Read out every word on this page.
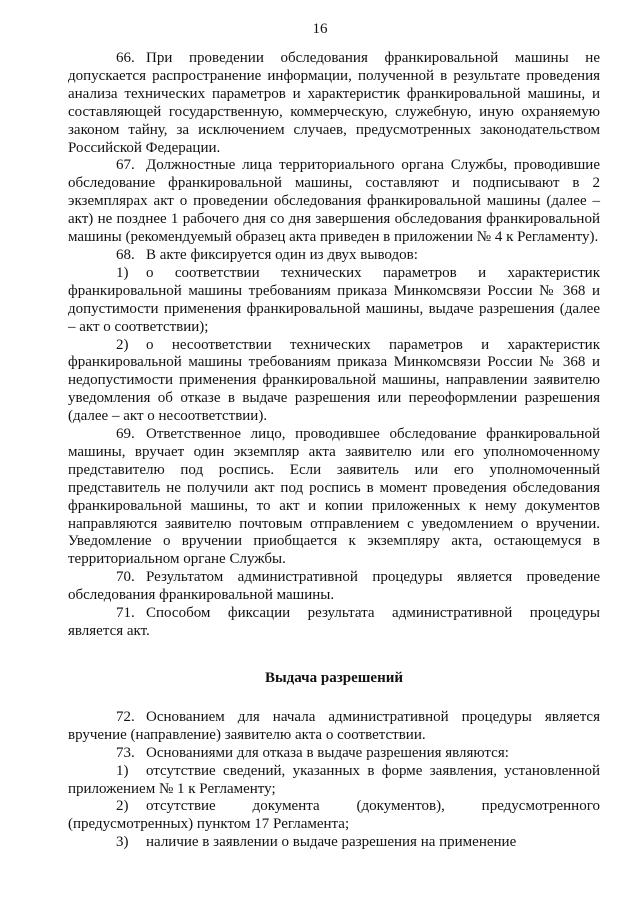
16

66. При проведении обследования франкировальной машины не допускается распространение информации, полученной в результате проведения анализа технических параметров и характеристик франкировальной машины, и составляющей государственную, коммерческую, служебную, иную охраняемую законом тайну, за исключением случаев, предусмотренных законодательством Российской Федерации.

67. Должностные лица территориального органа Службы, проводившие обследование франкировальной машины, составляют и подписывают в 2 экземплярах акт о проведении обследования франкировальной машины (далее – акт) не позднее 1 рабочего дня со дня завершения обследования франкировальной машины (рекомендуемый образец акта приведен в приложении № 4 к Регламенту).

68. В акте фиксируется один из двух выводов:

1) о соответствии технических параметров и характеристик франкировальной машины требованиям приказа Минкомсвязи России № 368 и допустимости применения франкировальной машины, выдаче разрешения (далее – акт о соответствии);

2) о несоответствии технических параметров и характеристик франкировальной машины требованиям приказа Минкомсвязи России № 368 и недопустимости применения франкировальной машины, направлении заявителю уведомления об отказе в выдаче разрешения или переоформлении разрешения (далее – акт о несоответствии).

69. Ответственное лицо, проводившее обследование франкировальной машины, вручает один экземпляр акта заявителю или его уполномоченному представителю под роспись. Если заявитель или его уполномоченный представитель не получили акт под роспись в момент проведения обследования франкировальной машины, то акт и копии приложенных к нему документов направляются заявителю почтовым отправлением с уведомлением о вручении. Уведомление о вручении приобщается к экземпляру акта, остающемуся в территориальном органе Службы.

70. Результатом административной процедуры является проведение обследования франкировальной машины.

71. Способом фиксации результата административной процедуры является акт.

Выдача разрешений

72. Основанием для начала административной процедуры является вручение (направление) заявителю акта о соответствии.

73. Основаниями для отказа в выдаче разрешения являются:

1) отсутствие сведений, указанных в форме заявления, установленной приложением № 1 к Регламенту;

2) отсутствие документа (документов), предусмотренного (предусмотренных) пунктом 17 Регламента;

3) наличие в заявлении о выдаче разрешения на применение
